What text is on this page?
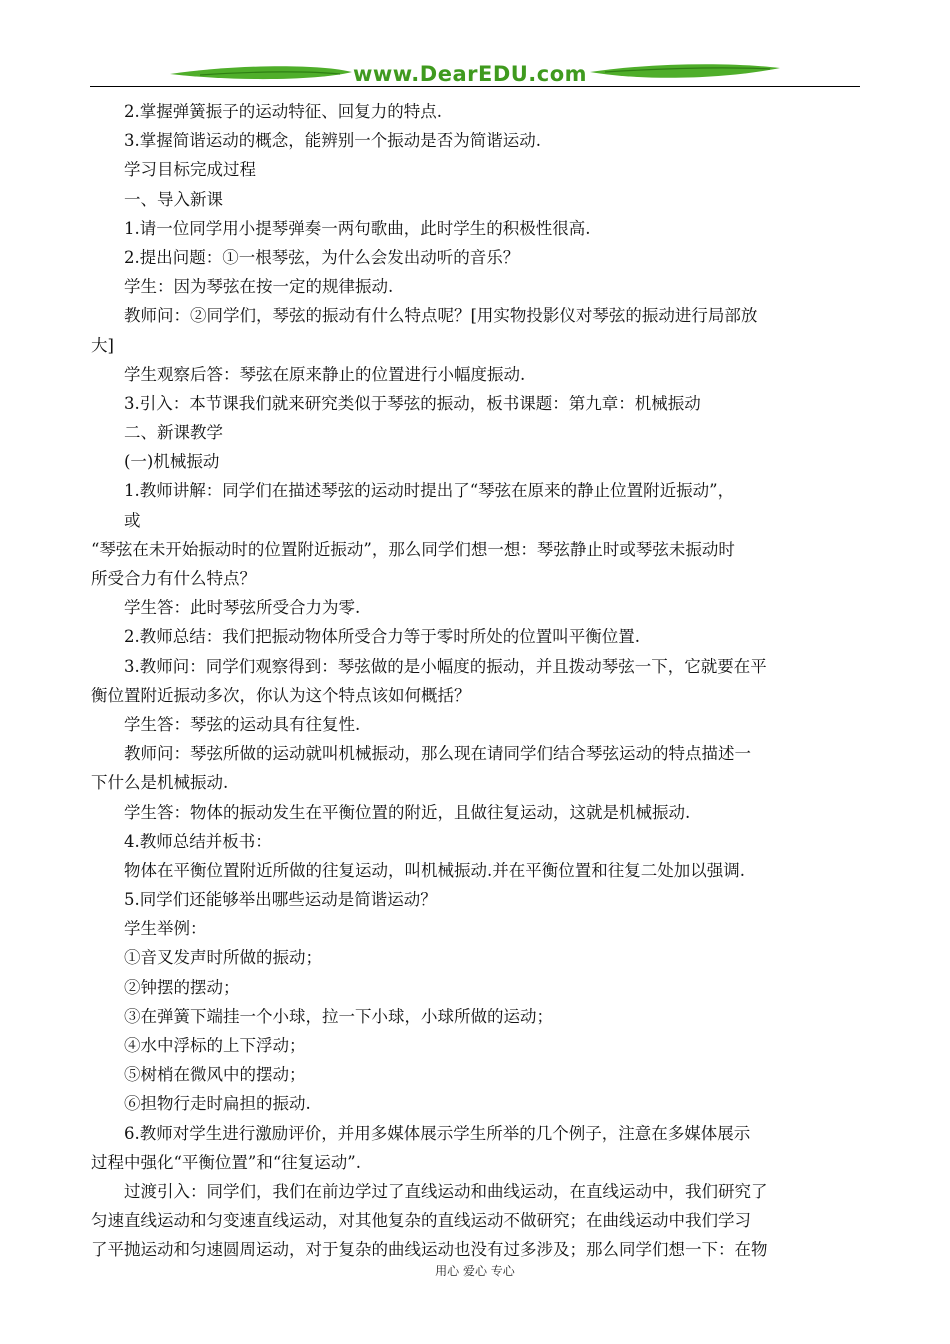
www.DearEDU.com
2.掌握弹簧振子的运动特征、回复力的特点.
3.掌握简谐运动的概念，能辨别一个振动是否为简谐运动.
学习目标完成过程
一、导入新课
1.请一位同学用小提琴弹奏一两句歌曲，此时学生的积极性很高.
2.提出问题：①一根琴弦，为什么会发出动听的音乐？
学生：因为琴弦在按一定的规律振动.
教师问：②同学们，琴弦的振动有什么特点呢？[用实物投影仪对琴弦的振动进行局部放
大]
学生观察后答：琴弦在原来静止的位置进行小幅度振动.
3.引入：本节课我们就来研究类似于琴弦的振动，板书课题：第九章：机械振动
二、新课教学
(一)机械振动
1.教师讲解：同学们在描述琴弦的运动时提出了“琴弦在原来的静止位置附近振动”，
或
“琴弦在未开始振动时的位置附近振动”，那么同学们想一想：琴弦静止时或琴弦未振动时
所受合力有什么特点？
学生答：此时琴弦所受合力为零.
2.教师总结：我们把振动物体所受合力等于零时所处的位置叫平衡位置.
3.教师问：同学们观察得到：琴弦做的是小幅度的振动，并且拨动琴弦一下，它就要在平
衡位置附近振动多次，你认为这个特点该如何概括？
学生答：琴弦的运动具有往复性.
教师问：琴弦所做的运动就叫机械振动，那么现在请同学们结合琴弦运动的特点描述一
下什么是机械振动.
学生答：物体的振动发生在平衡位置的附近，且做往复运动，这就是机械振动.
4.教师总结并板书：
物体在平衡位置附近所做的往复运动，叫机械振动.并在平衡位置和往复二处加以强调.
5.同学们还能够举出哪些运动是简谐运动？
学生举例：
①音叉发声时所做的振动；
②钟摆的摆动；
③在弹簧下端挂一个小球，拉一下小球，小球所做的运动；
④水中浮标的上下浮动；
⑤树梢在微风中的摆动；
⑥担物行走时扁担的振动.
6.教师对学生进行激励评价，并用多媒体展示学生所举的几个例子，注意在多媒体展示
过程中强化“平衡位置”和“往复运动”.
过渡引入：同学们，我们在前边学过了直线运动和曲线运动，在直线运动中，我们研究了
匀速直线运动和匀变速直线运动，对其他复杂的直线运动不做研究；在曲线运动中我们学习
了平抛运动和匀速圆周运动，对于复杂的曲线运动也没有过多涉及；那么同学们想一下：在物
用心 爱心 专心
